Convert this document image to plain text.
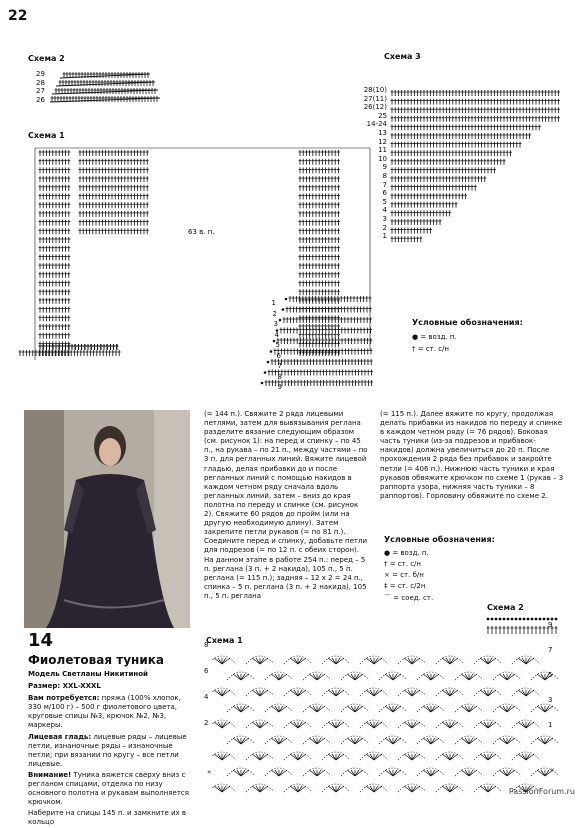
22
Схема 2
29
28
27
26
Схема 3
28(10)
27(11)
26(12)
25
14-24
13
12
11
10
9
8
7
6
5
4
3
2
1
Схема 1
63 в. п.
1
2
3
4
5
6
7
8
9
Условные обозначения:
● = возд. п.
† = ст. с/н
14
Фиолетовая туника

Модель Светланы Никитиной

Размер: XXL-XXXL

Вам потребуется: пряжа (100% хлопок, 330 м/100 г) – 500 г фиолетового цвета, круговые спицы №3, крючок №2, №3, маркеры.

Лицевая гладь: лицевые ряды – лицевые петли, изнаночные ряды – изнаночные петли; при вязании по кругу – все петли лицевые.

Внимание! Туника вяжется сверху вниз с регланом спицами, отделка по низу основного полотна и рукавам выполняется крючком.

Наберите на спицы 145 п. и замкните их в кольцо

(= 144 п.). Свяжите 2 ряда лицевыми петлями, затем для вывязывания реглана разделите вязание следующим образом (см. рисунок 1): на перед и спинку – по 45 п., на рукава – по 21 п., между частями – по 3 п. для регланных линий. Вяжите лицевой гладью, делая прибавки до и после регланных линий с помощью накидов в каждом четном ряду сначала вдоль регланных линий, затем – вниз до края полотна по переду и спинке (см. рисунок 2). Свяжите 60 рядов до пройм (или на другую необходимую длину). Затем закрепите петли рукавов (= по 81 п.). Соедините перед и спинку, добавьте петли для подрезов (= по 12 п. с обеих сторон). На данном этапе в работе 254 п.: перед – 5 п. реглана (3 п. + 2 накида), 105 п., 5 п. реглана (= 115 п.); задняя – 12 х 2 = 24 п., спинка – 5 п. реглана (3 п. + 2 накида), 105 п., 5 п. реглана
(= 115 п.). Далее вяжите по кругу, продолжая делать прибавки из накидов по переду и спинке в каждом четном ряду (= 76 рядов). Боковая часть туники (из-за подрезов и прибавок-накидов) должна увеличиться до 20 п. После прохождения 2 ряда без прибавок и закройте петли (= 406 п.). Нижнюю часть туники и края рукавов обвяжите крючком по схеме 1 (рукав – 3 раппорта узора, нижняя часть туники – 8 раппортов). Горловину обвяжите по схеме 2.
Условные обозначения:
● = возд. п.
† = ст. с/н
× = ст. б/н
‡ = ст. с/2н
⌒ = соед. ст.
Схема 2
Схема 1
8
6
4
2
9
7
5
3
1
«	«
PassionForum.ru
